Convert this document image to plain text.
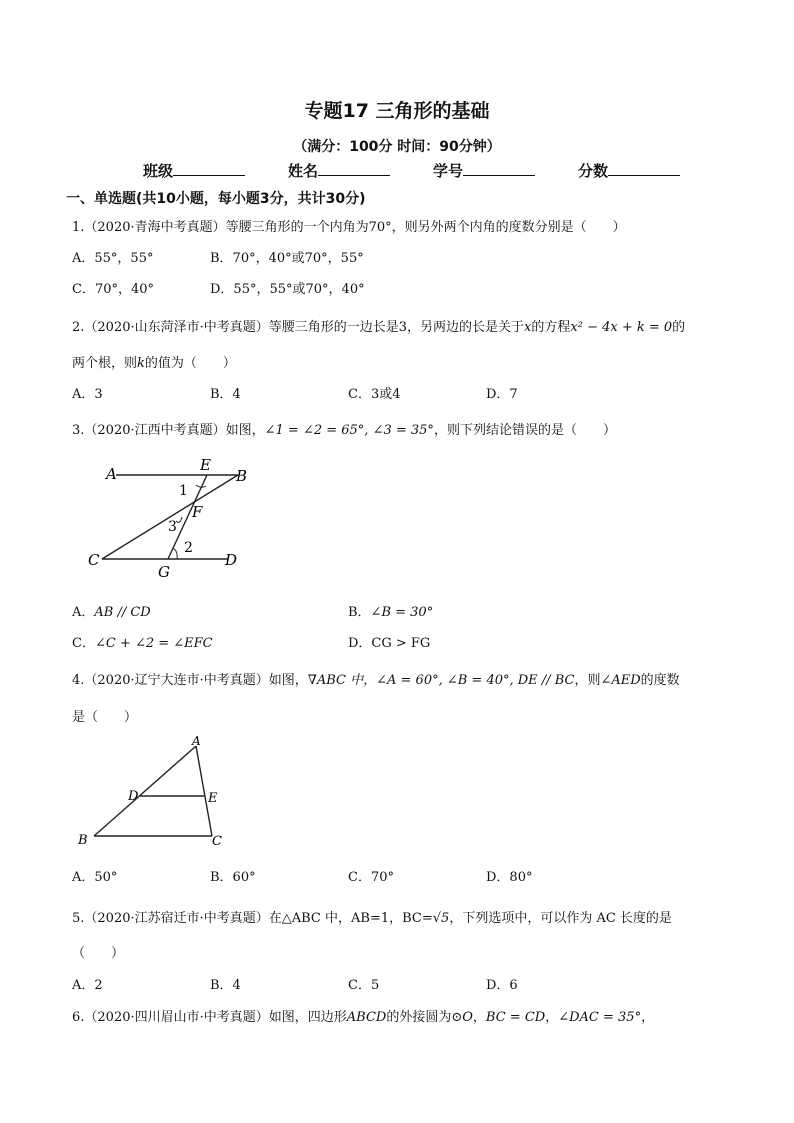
专题17 三角形的基础
（满分：100分 时间：90分钟）
班级	姓名	学号	分数
一、单选题(共10小题，每小题3分，共计30分)
1.（2020·青海中考真题）等腰三角形的一个内角为70°，则另外两个内角的度数分别是（　　）
A．55°，55°	B．70°，40°或70°，55°
C．70°，40°	D．55°，55°或70°，40°
2.（2020·山东菏泽市·中考真题）等腰三角形的一边长是3，另两边的长是关于x的方程x² − 4x + k = 0的
两个根，则k的值为（　　）
A．3	B．4	C．3或4	D．7
3.（2020·江西中考真题）如图，∠1 = ∠2 = 65°, ∠3 = 35°，则下列结论错误的是（　　）
A	E
B
1
F
3
2
C
G
D
A．AB // CD	B．∠B = 30°
C．∠C + ∠2 = ∠EFC	D．CG > FG
4.（2020·辽宁大连市·中考真题）如图，∇ABC 中，∠A = 60°, ∠B = 40°, DE // BC，则∠AED的度数
是（　　）
A
D	E
B	C
A．50°	B．60°	C．70°	D．80°
5.（2020·江苏宿迁市·中考真题）在△ABC 中，AB=1，BC=√5，下列选项中，可以作为 AC 长度的是
（　　）
A．2	B．4	C．5	D．6
6.（2020·四川眉山市·中考真题）如图，四边形ABCD的外接圆为⊙O，BC = CD，∠DAC = 35°，
